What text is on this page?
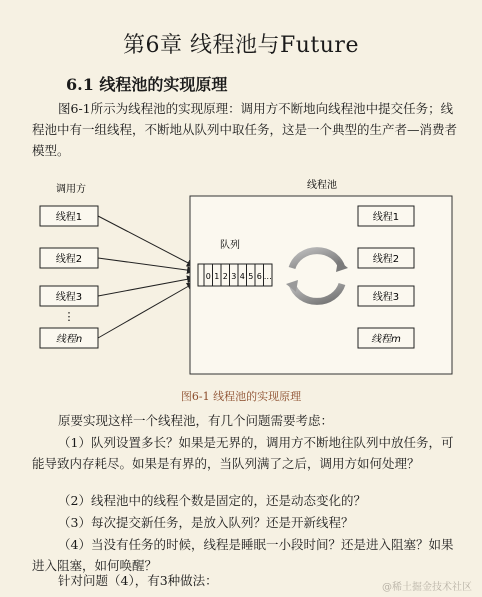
第6章 线程池与Future
6.1 线程池的实现原理

图6-1所示为线程池的实现原理：调用方不断地向线程池中提交任务；线程池中有一组线程，不断地从队列中取任务，这是一个典型的生产者—消费者模型。

调用方
线程1
线程2
线程3
⋮
线程n
线程池
队列
0 1 2 3 4 5 6 …
线程1
线程2
线程3
线程m
图6-1 线程池的实现原理

原要实现这样一个线程池，有几个问题需要考虑：

（1）队列设置多长？如果是无界的，调用方不断地往队列中放任务，可能导致内存耗尽。如果是有界的，当队列满了之后，调用方如何处理？

（2）线程池中的线程个数是固定的，还是动态变化的？

（3）每次提交新任务，是放入队列？还是开新线程？

（4）当没有任务的时候，线程是睡眠一小段时间？还是进入阻塞？如果进入阻塞，如何唤醒？

针对问题（4），有3种做法：	@稀土掘金技术社区
